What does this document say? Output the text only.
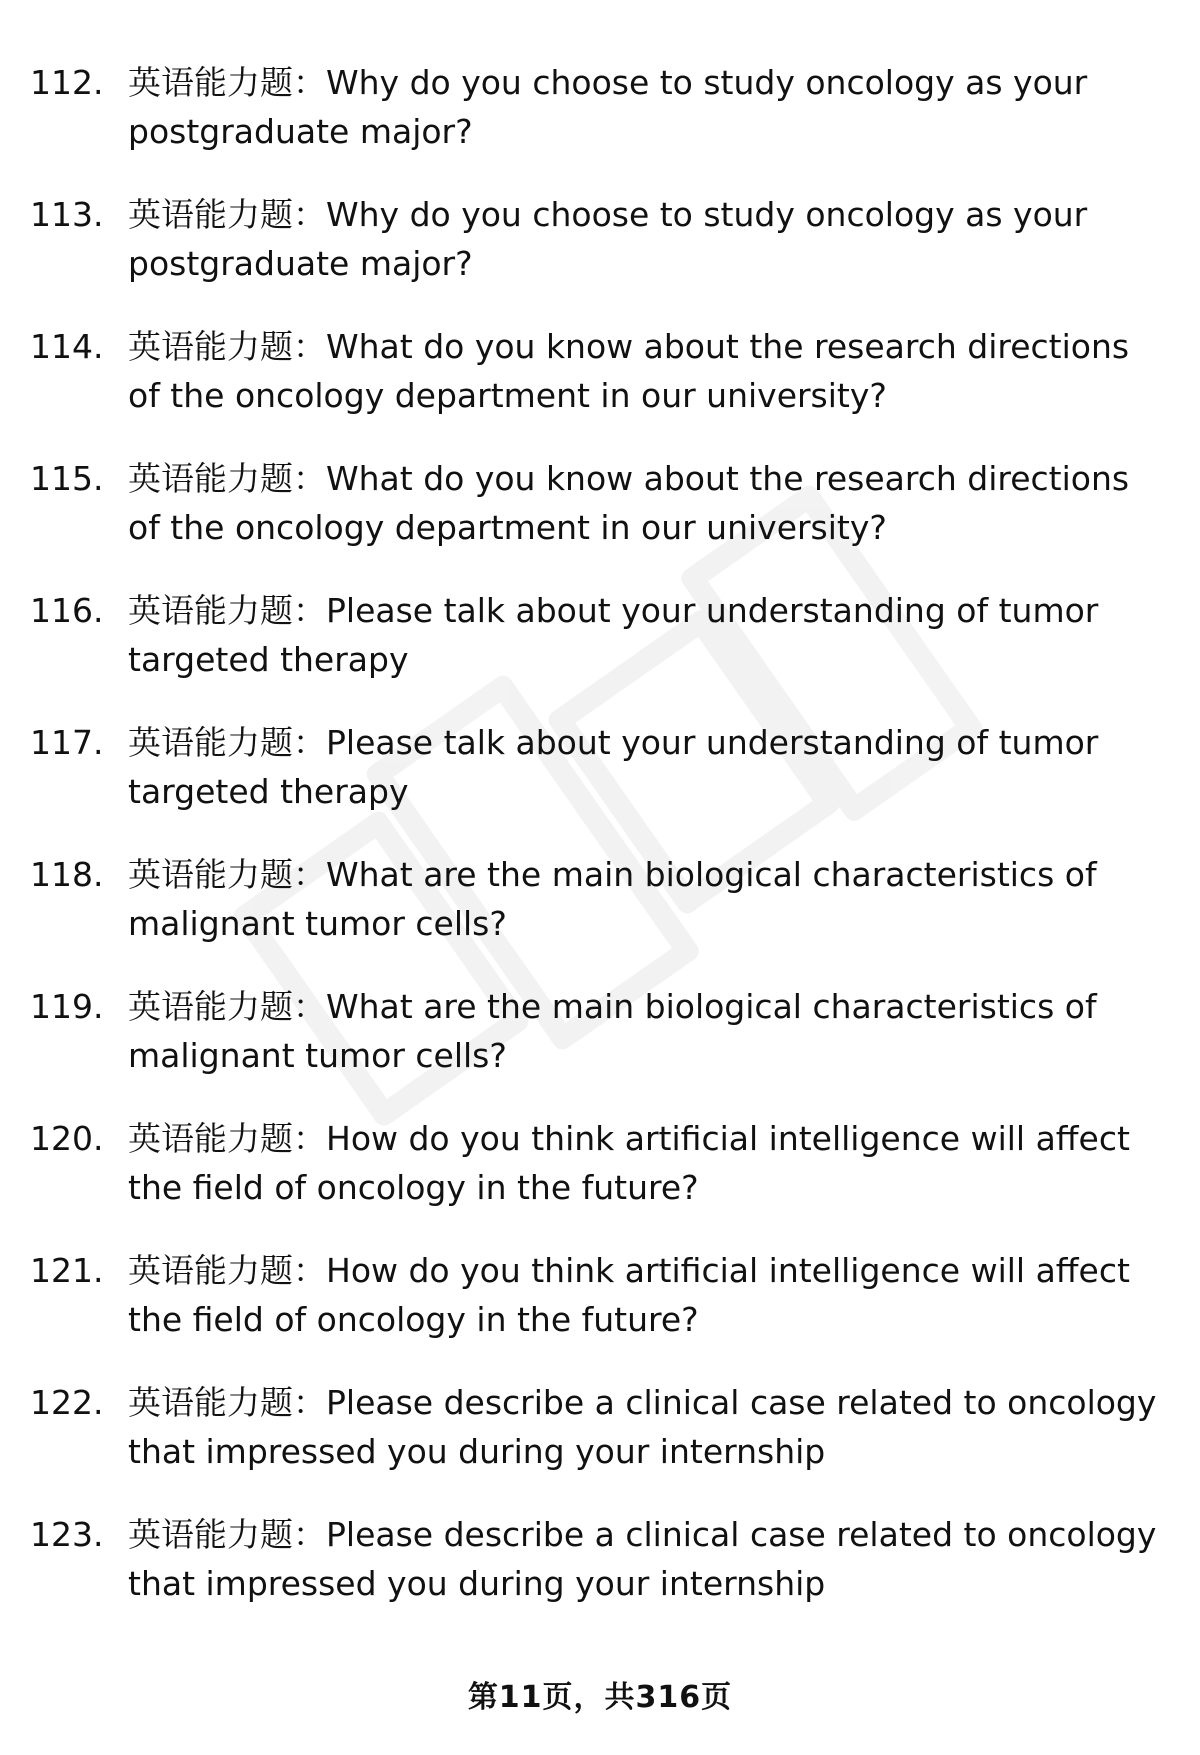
112. 英语能力题：Why do you choose to study oncology as your postgraduate major?
113. 英语能力题：Why do you choose to study oncology as your postgraduate major?
114. 英语能力题：What do you know about the research directions of the oncology department in our university?
115. 英语能力题：What do you know about the research directions of the oncology department in our university?
116. 英语能力题：Please talk about your understanding of tumor targeted therapy
117. 英语能力题：Please talk about your understanding of tumor targeted therapy
118. 英语能力题：What are the main biological characteristics of malignant tumor cells?
119. 英语能力题：What are the main biological characteristics of malignant tumor cells?
120. 英语能力题：How do you think artificial intelligence will affect the field of oncology in the future?
121. 英语能力题：How do you think artificial intelligence will affect the field of oncology in the future?
122. 英语能力题：Please describe a clinical case related to oncology that impressed you during your internship
123. 英语能力题：Please describe a clinical case related to oncology that impressed you during your internship
第11页，共316页
